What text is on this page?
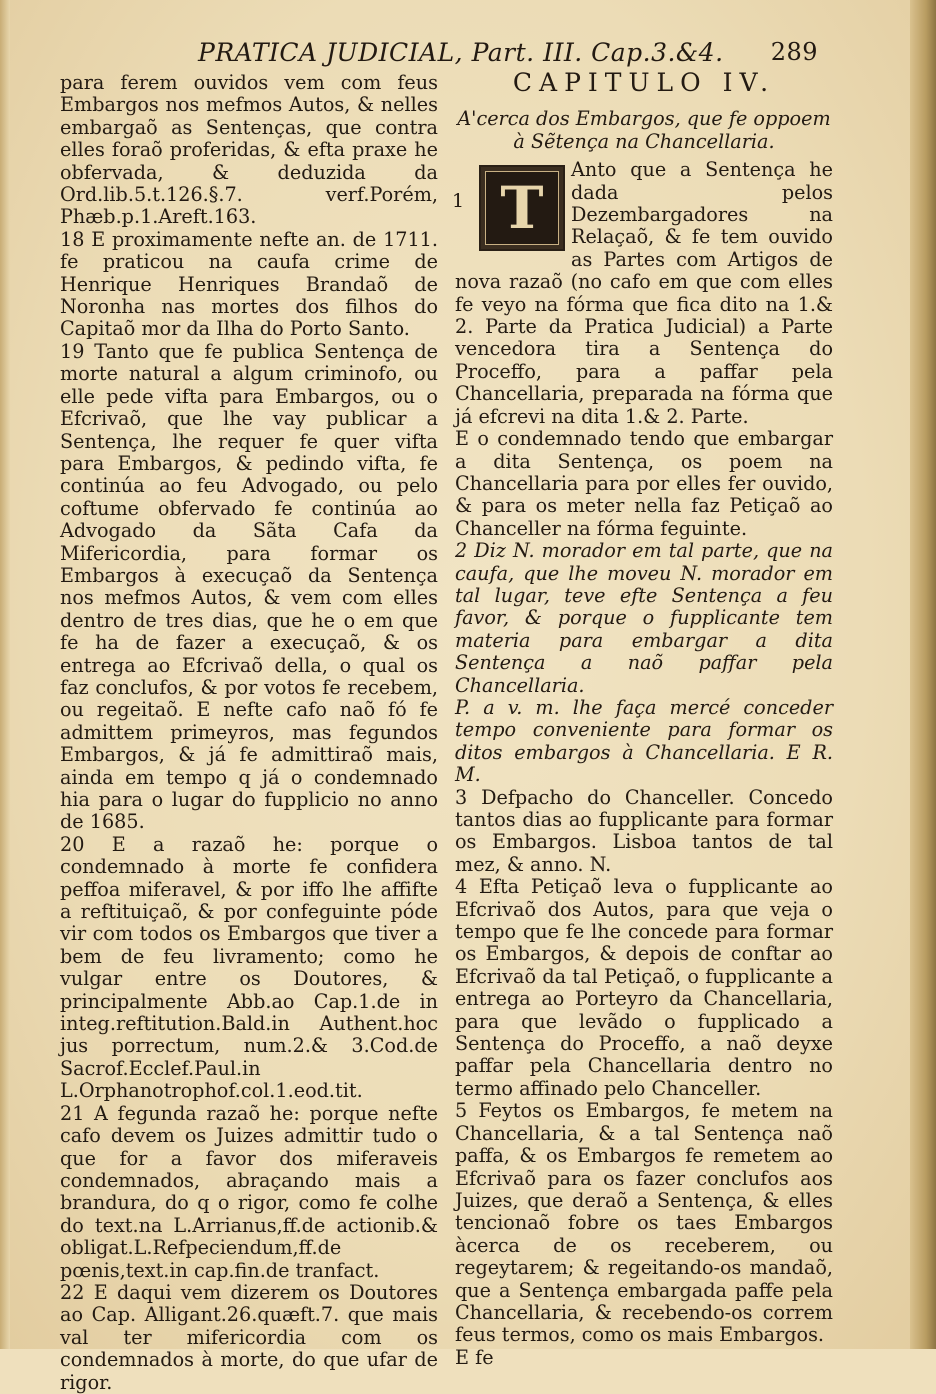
PRATICA JUDICIAL, Part. III. Cap.3.&4. 289

para ferem ouvidos vem com feus Embargos nos mefmos Autos, & nelles embargaõ as Sentenças, que contra elles foraõ proferidas, & efta praxe he obfervada, & deduzida da Ord.lib.5.t.126.§.7. verf.Porém, Phæb.p.1.Areft.163.

18 E proximamente nefte an. de 1711. fe praticou na caufa crime de Henrique Henriques Brandaõ de Noronha nas mortes dos filhos do Capitaõ mor da Ilha do Porto Santo.

19 Tanto que fe publica Sentença de morte natural a algum criminofo, ou elle pede vifta para Embargos, ou o Efcrivaõ, que lhe vay publicar a Sentença, lhe requer fe quer vifta para Embargos, & pedindo vifta, fe continúa ao feu Advogado, ou pelo coftume obfervado fe continúa ao Advogado da Sãta Cafa da Mifericordia, para formar os Embargos à execuçaõ da Sentença nos mefmos Autos, & vem com elles dentro de tres dias, que he o em que fe ha de fazer a execuçaõ, & os entrega ao Efcrivaõ della, o qual os faz conclufos, & por votos fe recebem, ou regeitaõ. E nefte cafo naõ fó fe admittem primeyros, mas fegundos Embargos, & já fe admittiraõ mais, ainda em tempo q já o condemnado hia para o lugar do fupplicio no anno de 1685.

20 E a razaõ he: porque o condemnado à morte fe confidera peffoa miferavel, & por iffo lhe affifte a reftituiçaõ, & por confeguinte póde vir com todos os Embargos que tiver a bem de feu livramento; como he vulgar entre os Doutores, & principalmente Abb.ao Cap.1.de in integ.reftitution.Bald.in Authent.hoc jus porrectum, num.2.& 3.Cod.de Sacrof.Ecclef.Paul.in L.Orphanotrophof.col.1.eod.tit.

21 A fegunda razaõ he: porque nefte cafo devem os Juizes admittir tudo o que for a favor dos miferaveis condemnados, abraçando mais a brandura, do q o rigor, como fe colhe do text.na L.Arrianus,ff.de actionib.& obligat.L.Refpeciendum,ff.de pœnis,text.in cap.fin.de tranfact.

22 E daqui vem dizerem os Doutores ao Cap. Alligant.26.quæft.7. que mais val ter mifericordia com os condemnados à morte, do que ufar de rigor.

CAPITULO IV.
A'cerca dos Embargos, que fe oppoem à Sẽtença na Chancellaria.
T

Anto que a Sentença he dada pelos Dezembargadores na Relaçaõ, & fe tem ouvido as Partes com Artigos de nova razaõ (no cafo em que com elles fe veyo na fórma que fica dito na 1.& 2. Parte da Pratica Judicial) a Parte vencedora tira a Sentença do Proceffo, para a paffar pela Chancellaria, preparada na fórma que já efcrevi na dita 1.& 2. Parte.

E o condemnado tendo que embargar a dita Sentença, os poem na Chancellaria para por elles fer ouvido, & para os meter nella faz Petiçaõ ao Chanceller na fórma feguinte.

2 Diz N. morador em tal parte, que na caufa, que lhe moveu N. morador em tal lugar, teve efte Sentença a feu favor, & porque o fupplicante tem materia para embargar a dita Sentença a naõ paffar pela Chancellaria.

P. a v. m. lhe faça mercé conceder tempo conveniente para formar os ditos embargos à Chancellaria. E R. M.

3 Defpacho do Chanceller. Concedo tantos dias ao fupplicante para formar os Embargos. Lisboa tantos de tal mez, & anno. N.

4 Efta Petiçaõ leva o fupplicante ao Efcrivaõ dos Autos, para que veja o tempo que fe lhe concede para formar os Embargos, & depois de conftar ao Efcrivaõ da tal Petiçaõ, o fupplicante a entrega ao Porteyro da Chancellaria, para que levãdo o fupplicado a Sentença do Proceffo, a naõ deyxe paffar pela Chancellaria dentro no termo affinado pelo Chanceller.

5 Feytos os Embargos, fe metem na Chancellaria, & a tal Sentença naõ paffa, & os Embargos fe remetem ao Efcrivaõ para os fazer conclufos aos Juizes, que deraõ a Sentença, & elles tencionaõ fobre os taes Embargos àcerca de os receberem, ou regeytarem; & regeitando-os mandaõ, que a Sentença embargada paffe pela Chancellaria, & recebendo-os correm feus termos, como os mais Embargos.

E fe

1
